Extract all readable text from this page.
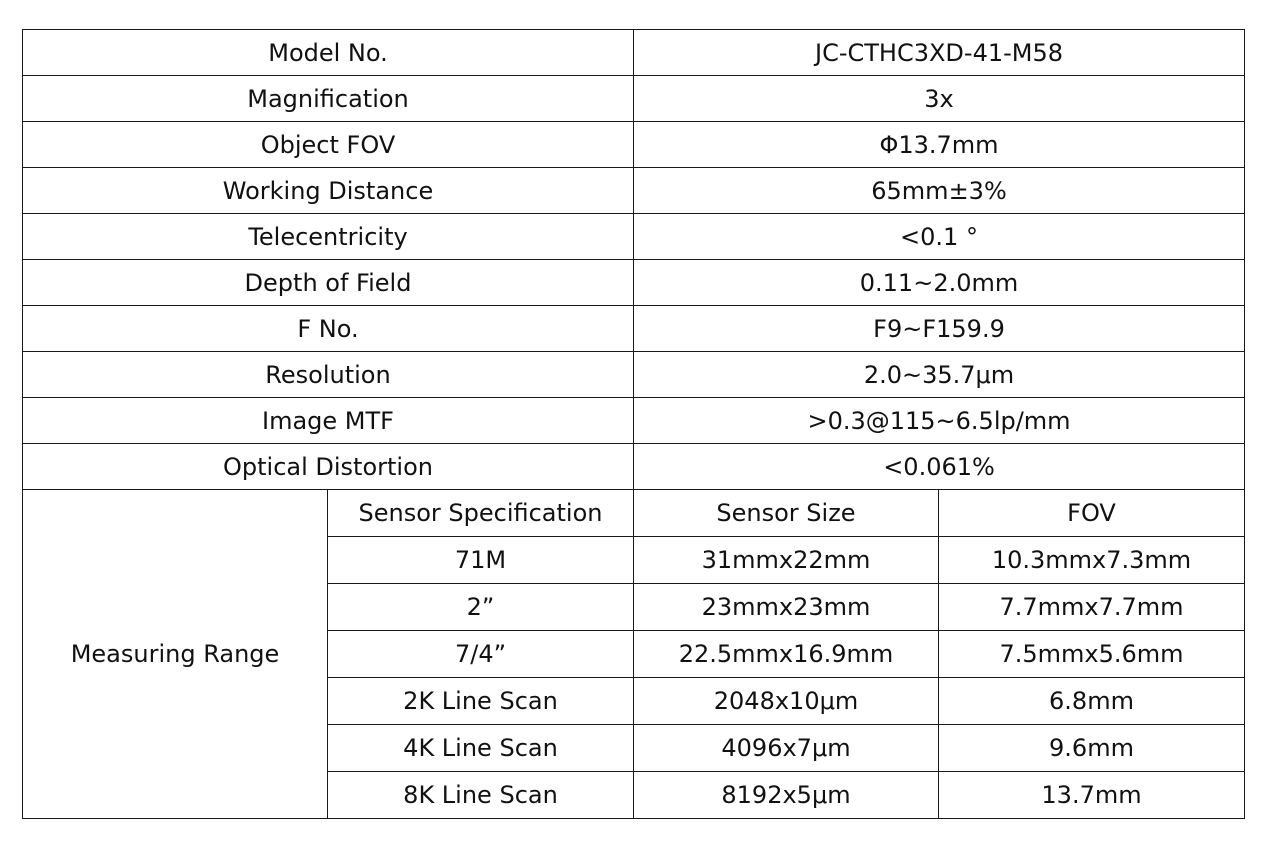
Model No.		JC-CTHC3XD-41-M58	
Magnification		3x	
Object FOV		Φ13.7mm	
Working Distance		65mm±3%	
Telecentricity		<0.1 °	
Depth of Field		0.11~2.0mm	
F No.		F9~F159.9	
Resolution		2.0~35.7μm	
Image MTF		>0.3@115~6.5lp/mm	
Optical Distortion		<0.061%	
Measuring Range	Sensor Specification	Sensor Size	FOV
	71M	31mmx22mm	10.3mmx7.3mm
	2”	23mmx23mm	7.7mmx7.7mm
	7/4”	22.5mmx16.9mm	7.5mmx5.6mm
	2K Line Scan	2048x10μm	6.8mm
	4K Line Scan	4096x7μm	9.6mm
	8K Line Scan	8192x5μm	13.7mm
